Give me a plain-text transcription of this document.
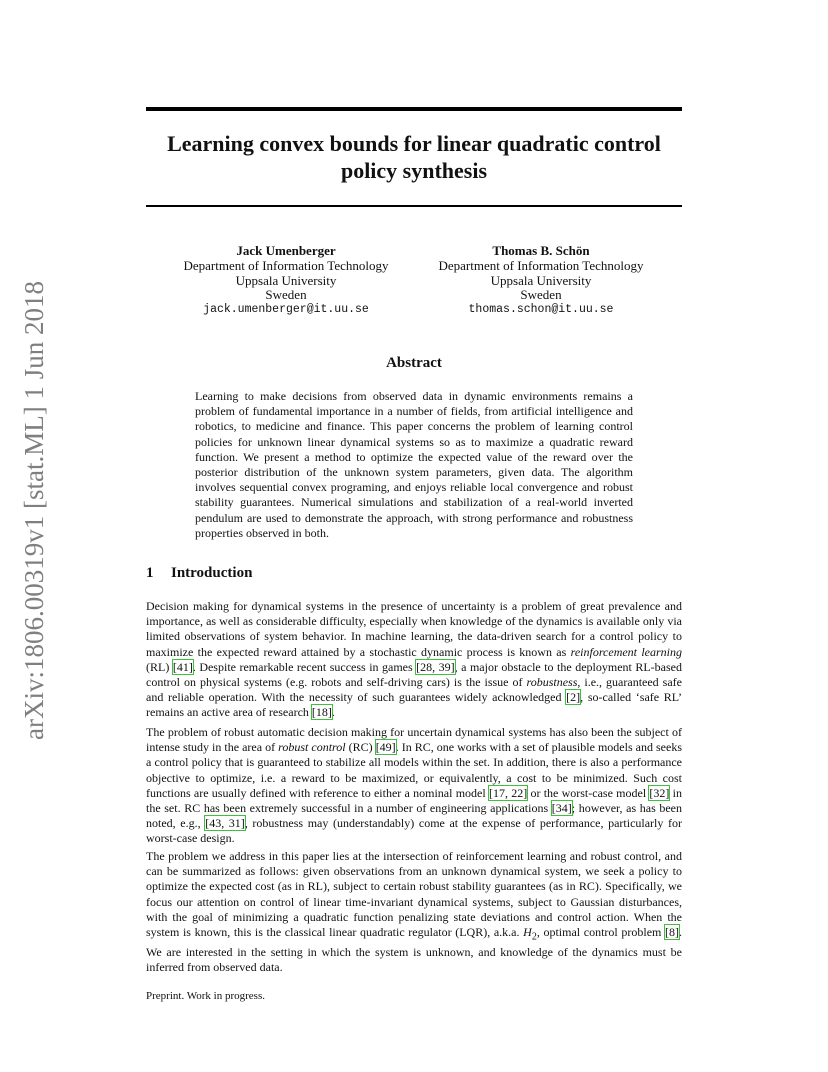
Learning convex bounds for linear quadratic control
policy synthesis
Jack Umenberger
Department of Information Technology
Uppsala University
Sweden
jack.umenberger@it.uu.se
Thomas B. Schön
Department of Information Technology
Uppsala University
Sweden
thomas.schon@it.uu.se
arXiv:1806.00319v1 [stat.ML] 1 Jun 2018	Abstract
Learning to make decisions from observed data in dynamic environments remains a problem of fundamental importance in a number of fields, from artificial intelligence and robotics, to medicine and finance. This paper concerns the problem of learning control policies for unknown linear dynamical systems so as to maximize a quadratic reward function. We present a method to optimize the expected value of the reward over the posterior distribution of the unknown system parameters, given data. The algorithm involves sequential convex programing, and enjoys reliable local convergence and robust stability guarantees. Numerical simulations and stabilization of a real-world inverted pendulum are used to demonstrate the approach, with strong performance and robustness properties observed in both.
1 Introduction

Decision making for dynamical systems in the presence of uncertainty is a problem of great prevalence and importance, as well as considerable difficulty, especially when knowledge of the dynamics is available only via limited observations of system behavior. In machine learning, the data-driven search for a control policy to maximize the expected reward attained by a stochastic dynamic process is known as reinforcement learning (RL) [41]. Despite remarkable recent success in games [28, 39], a major obstacle to the deployment RL-based control on physical systems (e.g. robots and self-driving cars) is the issue of robustness, i.e., guaranteed safe and reliable operation. With the necessity of such guarantees widely acknowledged [2], so-called ‘safe RL’ remains an active area of research [18].

The problem of robust automatic decision making for uncertain dynamical systems has also been the subject of intense study in the area of robust control (RC) [49]. In RC, one works with a set of plausible models and seeks a control policy that is guaranteed to stabilize all models within the set. In addition, there is also a performance objective to optimize, i.e. a reward to be maximized, or equivalently, a cost to be minimized. Such cost functions are usually defined with reference to either a nominal model [17, 22] or the worst-case model [32] in the set. RC has been extremely successful in a number of engineering applications [34]; however, as has been noted, e.g., [43, 31], robustness may (understandably) come at the expense of performance, particularly for worst-case design.

The problem we address in this paper lies at the intersection of reinforcement learning and robust control, and can be summarized as follows: given observations from an unknown dynamical system, we seek a policy to optimize the expected cost (as in RL), subject to certain robust stability guarantees (as in RC). Specifically, we focus our attention on control of linear time-invariant dynamical systems, subject to Gaussian disturbances, with the goal of minimizing a quadratic function penalizing state deviations and control action. When the system is known, this is the classical linear quadratic regulator (LQR), a.k.a. $H_2$, optimal control problem [8]. We are interested in the setting in which the system is unknown, and knowledge of the dynamics must be inferred from observed data.

Preprint. Work in progress.
